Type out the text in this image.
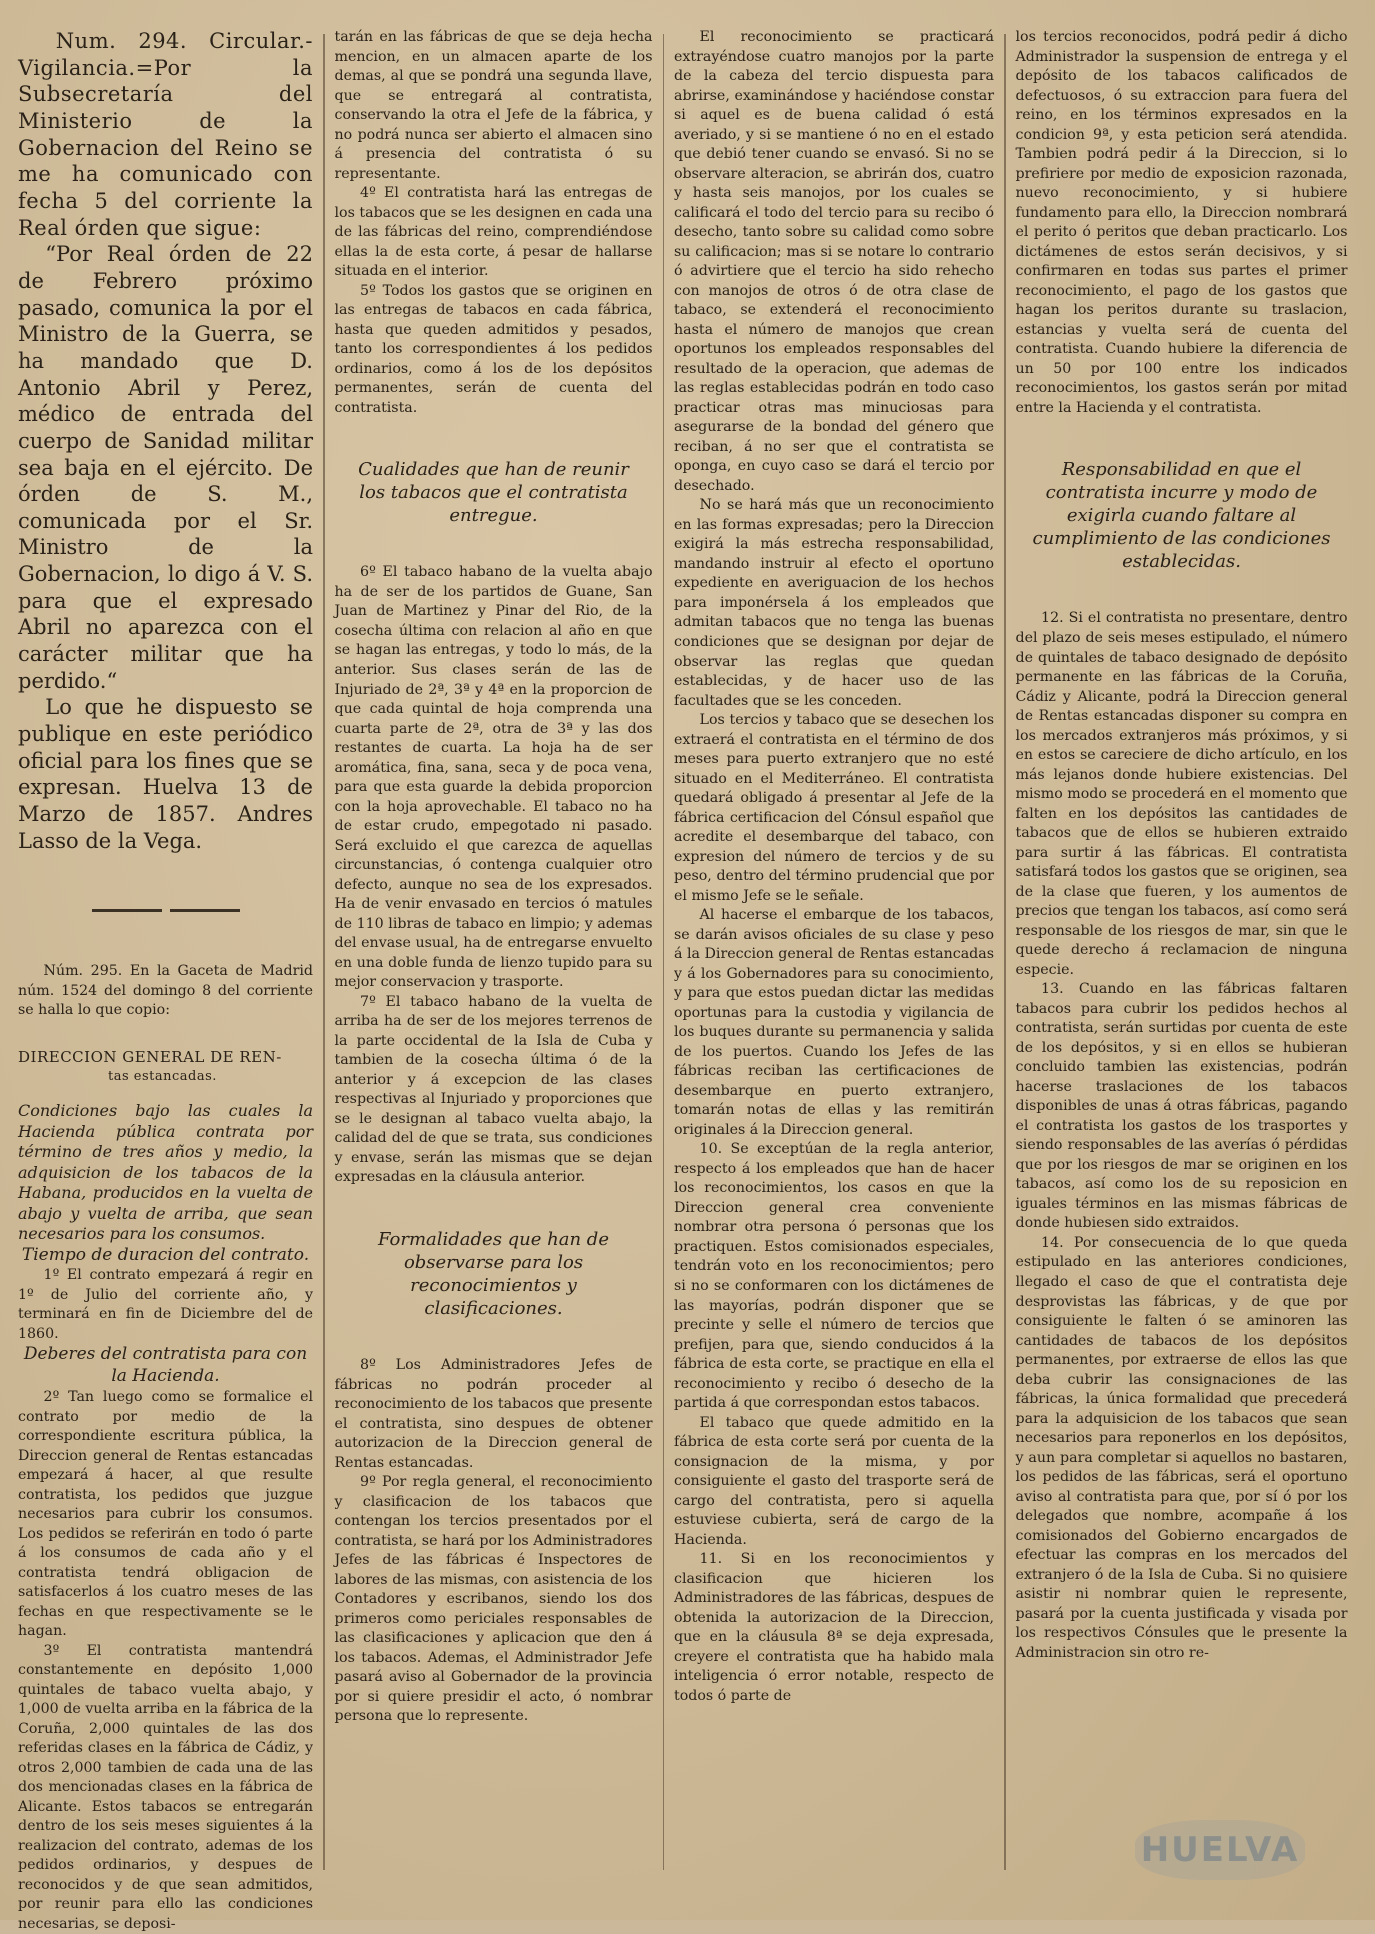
Num. 294. Circular.-Vigilancia.=Por la Subsecretaría del Ministerio de la Gobernacion del Reino se me ha comunicado con fecha 5 del corriente la Real órden que sigue:

“Por Real órden de 22 de Febrero próximo pasado, comunica la por el Ministro de la Guerra, se ha mandado que D. Antonio Abril y Perez, médico de entrada del cuerpo de Sanidad militar sea baja en el ejército. De órden de S. M., comunicada por el Sr. Ministro de la Gobernacion, lo digo á V. S. para que el expresado Abril no aparezca con el carácter militar que ha perdido.“

Lo que he dispuesto se publique en este periódico oficial para los fines que se expresan. Huelva 13 de Marzo de 1857. Andres Lasso de la Vega.

Núm. 295. En la Gaceta de Madrid núm. 1524 del domingo 8 del corriente se halla lo que copio:

DIRECCION GENERAL DE REN-
tas estancadas.

Condiciones bajo las cuales la Hacienda pública contrata por término de tres años y medio, la adquisicion de los tabacos de la Habana, producidos en la vuelta de abajo y vuelta de arriba, que sean necesarios para los consumos.

Tiempo de duracion del contrato.

1º El contrato empezará á regir en 1º de Julio del corriente año, y terminará en fin de Diciembre del de 1860.

Deberes del contratista para con la Hacienda.

2º Tan luego como se formalice el contrato por medio de la correspondiente escritura pública, la Direccion general de Rentas estancadas empezará á hacer, al que resulte contratista, los pedidos que juzgue necesarios para cubrir los consumos. Los pedidos se referirán en todo ó parte á los consumos de cada año y el contratista tendrá obligacion de satisfacerlos á los cuatro meses de las fechas en que respectivamente se le hagan.

3º El contratista mantendrá constantemente en depósito 1,000 quintales de tabaco vuelta abajo, y 1,000 de vuelta arriba en la fábrica de la Coruña, 2,000 quintales de las dos referidas clases en la fábrica de Cádiz, y otros 2,000 tambien de cada una de las dos mencionadas clases en la fábrica de Alicante. Estos tabacos se entregarán dentro de los seis meses siguientes á la realizacion del contrato, ademas de los pedidos ordinarios, y despues de reconocidos y de que sean admitidos, por reunir para ello las condiciones necesarias, se deposi-

tarán en las fábricas de que se deja hecha mencion, en un almacen aparte de los demas, al que se pondrá una segunda llave, que se entregará al contratista, conservando la otra el Jefe de la fábrica, y no podrá nunca ser abierto el almacen sino á presencia del contratista ó su representante.

4º El contratista hará las entregas de los tabacos que se les designen en cada una de las fábricas del reino, comprendiéndose ellas la de esta corte, á pesar de hallarse situada en el interior.

5º Todos los gastos que se originen en las entregas de tabacos en cada fábrica, hasta que queden admitidos y pesados, tanto los correspondientes á los pedidos ordinarios, como á los de los depósitos permanentes, serán de cuenta del contratista.

Cualidades que han de reunir los tabacos que el contratista entregue.

6º El tabaco habano de la vuelta abajo ha de ser de los partidos de Guane, San Juan de Martinez y Pinar del Rio, de la cosecha última con relacion al año en que se hagan las entregas, y todo lo más, de la anterior. Sus clases serán de las de Injuriado de 2ª, 3ª y 4ª en la proporcion de que cada quintal de hoja comprenda una cuarta parte de 2ª, otra de 3ª y las dos restantes de cuarta. La hoja ha de ser aromática, fina, sana, seca y de poca vena, para que esta guarde la debida proporcion con la hoja aprovechable. El tabaco no ha de estar crudo, empegotado ni pasado. Será excluido el que carezca de aquellas circunstancias, ó contenga cualquier otro defecto, aunque no sea de los expresados. Ha de venir envasado en tercios ó matules de 110 libras de tabaco en limpio; y ademas del envase usual, ha de entregarse envuelto en una doble funda de lienzo tupido para su mejor conservacion y trasporte.

7º El tabaco habano de la vuelta de arriba ha de ser de los mejores terrenos de la parte occidental de la Isla de Cuba y tambien de la cosecha última ó de la anterior y á excepcion de las clases respectivas al Injuriado y proporciones que se le designan al tabaco vuelta abajo, la calidad del de que se trata, sus condiciones y envase, serán las mismas que se dejan expresadas en la cláusula anterior.

Formalidades que han de observarse para los reconocimientos y clasificaciones.

8º Los Administradores Jefes de fábricas no podrán proceder al reconocimiento de los tabacos que presente el contratista, sino despues de obtener autorizacion de la Direccion general de Rentas estancadas.

9º Por regla general, el reconocimiento y clasificacion de los tabacos que contengan los tercios presentados por el contratista, se hará por los Administradores Jefes de las fábricas é Inspectores de labores de las mismas, con asistencia de los Contadores y escribanos, siendo los dos primeros como periciales responsables de las clasificaciones y aplicacion que den á los tabacos. Ademas, el Administrador Jefe pasará aviso al Gobernador de la provincia por si quiere presidir el acto, ó nombrar persona que lo represente.

El reconocimiento se practicará extrayéndose cuatro manojos por la parte de la cabeza del tercio dispuesta para abrirse, examinándose y haciéndose constar si aquel es de buena calidad ó está averiado, y si se mantiene ó no en el estado que debió tener cuando se envasó. Si no se observare alteracion, se abrirán dos, cuatro y hasta seis manojos, por los cuales se calificará el todo del tercio para su recibo ó desecho, tanto sobre su calidad como sobre su calificacion; mas si se notare lo contrario ó advirtiere que el tercio ha sido rehecho con manojos de otros ó de otra clase de tabaco, se extenderá el reconocimiento hasta el número de manojos que crean oportunos los empleados responsables del resultado de la operacion, que ademas de las reglas establecidas podrán en todo caso practicar otras mas minuciosas para asegurarse de la bondad del género que reciban, á no ser que el contratista se oponga, en cuyo caso se dará el tercio por desechado.

No se hará más que un reconocimiento en las formas expresadas; pero la Direccion exigirá la más estrecha responsabilidad, mandando instruir al efecto el oportuno expediente en averiguacion de los hechos para imponérsela á los empleados que admitan tabacos que no tenga las buenas condiciones que se designan por dejar de observar las reglas que quedan establecidas, y de hacer uso de las facultades que se les conceden.

Los tercios y tabaco que se desechen los extraerá el contratista en el término de dos meses para puerto extranjero que no esté situado en el Mediterráneo. El contratista quedará obligado á presentar al Jefe de la fábrica certificacion del Cónsul español que acredite el desembarque del tabaco, con expresion del número de tercios y de su peso, dentro del término prudencial que por el mismo Jefe se le señale.

Al hacerse el embarque de los tabacos, se darán avisos oficiales de su clase y peso á la Direccion general de Rentas estancadas y á los Gobernadores para su conocimiento, y para que estos puedan dictar las medidas oportunas para la custodia y vigilancia de los buques durante su permanencia y salida de los puertos. Cuando los Jefes de las fábricas reciban las certificaciones de desembarque en puerto extranjero, tomarán notas de ellas y las remitirán originales á la Direccion general.

10. Se exceptúan de la regla anterior, respecto á los empleados que han de hacer los reconocimientos, los casos en que la Direccion general crea conveniente nombrar otra persona ó personas que los practiquen. Estos comisionados especiales, tendrán voto en los reconocimientos; pero si no se conformaren con los dictámenes de las mayorías, podrán disponer que se precinte y selle el número de tercios que prefijen, para que, siendo conducidos á la fábrica de esta corte, se practique en ella el reconocimiento y recibo ó desecho de la partida á que correspondan estos tabacos.

El tabaco que quede admitido en la fábrica de esta corte será por cuenta de la consignacion de la misma, y por consiguiente el gasto del trasporte será de cargo del contratista, pero si aquella estuviese cubierta, será de cargo de la Hacienda.

11. Si en los reconocimientos y clasificacion que hicieren los Administradores de las fábricas, despues de obtenida la autorizacion de la Direccion, que en la cláusula 8ª se deja expresada, creyere el contratista que ha habido mala inteligencia ó error notable, respecto de todos ó parte de

los tercios reconocidos, podrá pedir á dicho Administrador la suspension de entrega y el depósito de los tabacos calificados de defectuosos, ó su extraccion para fuera del reino, en los términos expresados en la condicion 9ª, y esta peticion será atendida. Tambien podrá pedir á la Direccion, si lo prefiriere por medio de exposicion razonada, nuevo reconocimiento, y si hubiere fundamento para ello, la Direccion nombrará el perito ó peritos que deban practicarlo. Los dictámenes de estos serán decisivos, y si confirmaren en todas sus partes el primer reconocimiento, el pago de los gastos que hagan los peritos durante su traslacion, estancias y vuelta será de cuenta del contratista. Cuando hubiere la diferencia de un 50 por 100 entre los indicados reconocimientos, los gastos serán por mitad entre la Hacienda y el contratista.

Responsabilidad en que el contratista incurre y modo de exigirla cuando faltare al cumplimiento de las condiciones establecidas.

12. Si el contratista no presentare, dentro del plazo de seis meses estipulado, el número de quintales de tabaco designado de depósito permanente en las fábricas de la Coruña, Cádiz y Alicante, podrá la Direccion general de Rentas estancadas disponer su compra en los mercados extranjeros más próximos, y si en estos se careciere de dicho artículo, en los más lejanos donde hubiere existencias. Del mismo modo se procederá en el momento que falten en los depósitos las cantidades de tabacos que de ellos se hubieren extraido para surtir á las fábricas. El contratista satisfará todos los gastos que se originen, sea de la clase que fueren, y los aumentos de precios que tengan los tabacos, así como será responsable de los riesgos de mar, sin que le quede derecho á reclamacion de ninguna especie.

13. Cuando en las fábricas faltaren tabacos para cubrir los pedidos hechos al contratista, serán surtidas por cuenta de este de los depósitos, y si en ellos se hubieran concluido tambien las existencias, podrán hacerse traslaciones de los tabacos disponibles de unas á otras fábricas, pagando el contratista los gastos de los trasportes y siendo responsables de las averías ó pérdidas que por los riesgos de mar se originen en los tabacos, así como los de su reposicion en iguales términos en las mismas fábricas de donde hubiesen sido extraidos.

14. Por consecuencia de lo que queda estipulado en las anteriores condiciones, llegado el caso de que el contratista deje desprovistas las fábricas, y de que por consiguiente le falten ó se aminoren las cantidades de tabacos de los depósitos permanentes, por extraerse de ellos las que deba cubrir las consignaciones de las fábricas, la única formalidad que precederá para la adquisicion de los tabacos que sean necesarios para reponerlos en los depósitos, y aun para completar si aquellos no bastaren, los pedidos de las fábricas, será el oportuno aviso al contratista para que, por sí ó por los delegados que nombre, acompañe á los comisionados del Gobierno encargados de efectuar las compras en los mercados del extranjero ó de la Isla de Cuba. Si no quisiere asistir ni nombrar quien le represente, pasará por la cuenta justificada y visada por los respectivos Cónsules que le presente la Administracion sin otro re-

HUELVA
